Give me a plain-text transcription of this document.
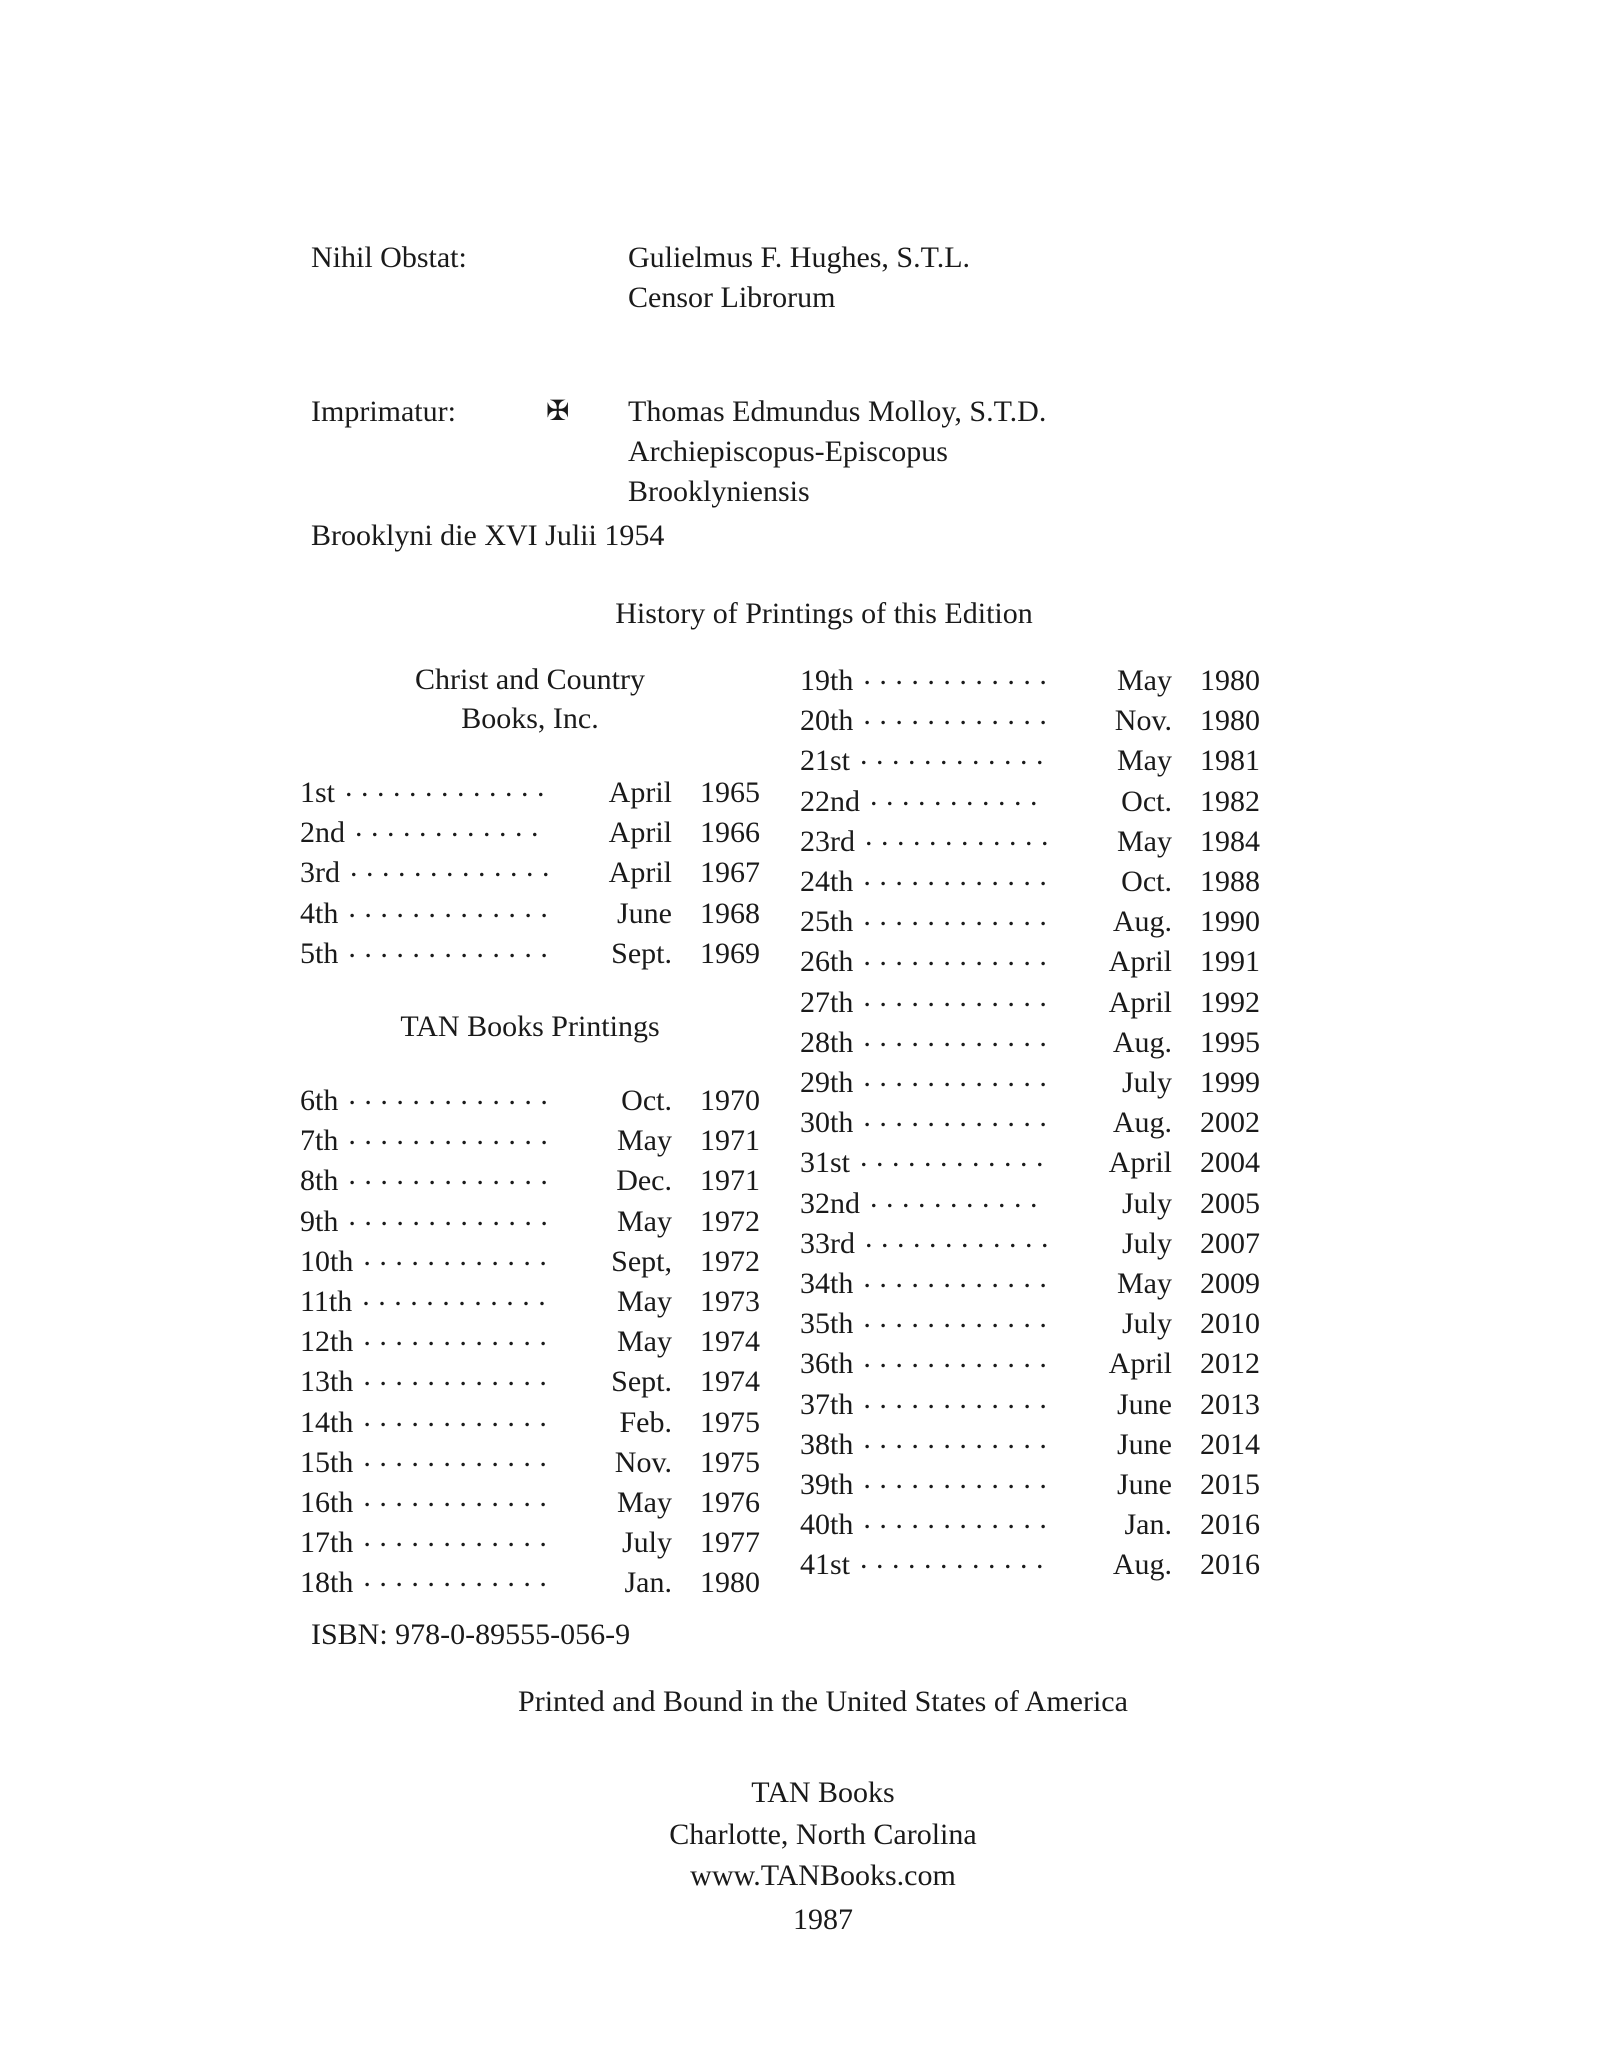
Nihil Obstat:	Gulielmus F. Hughes, S.T.L.
Censor Librorum
Imprimatur:	✠	Thomas Edmundus Molloy, S.T.D.
Archiepiscopus-Episcopus
Brooklyniensis
Brooklyni die XVI Julii 1954
History of Printings of this Edition
Christ and Country
Books, Inc.
1st . . .	April 1965
2nd . . .	April 1966
3rd . . .	April 1967
4th . . .	June 1968
5th . . .	Sept. 1969
TAN Books Printings
6th . . .	Oct. 1970
7th . . .	May 1971
8th . . .	Dec. 1971
9th . . .	May 1972
10th . . .	Sept, 1972
11th . . .	May 1973
12th . . .	May 1974
13th . . .	Sept. 1974
14th . . .	Feb. 1975
15th . . .	Nov. 1975
16th . . .	May 1976
17th . . .	July 1977
18th . . .	Jan. 1980
19th . . .	May 1980
20th . . .	Nov. 1980
21st . . .	May 1981
22nd . . .	Oct. 1982
23rd . . .	May 1984
24th . . .	Oct. 1988
25th . . .	Aug. 1990
26th . . .	April 1991
27th . . .	April 1992
28th . . .	Aug. 1995
29th . . .	July 1999
30th . . .	Aug. 2002
31st . . .	April 2004
32nd . . .	July 2005
33rd . . .	July 2007
34th . . .	May 2009
35th . . .	July 2010
36th . . .	April 2012
37th . . .	June 2013
38th . . .	June 2014
39th . . .	June 2015
40th . . .	Jan. 2016
41st . . .	Aug. 2016
ISBN: 978-0-89555-056-9
Printed and Bound in the United States of America
TAN Books
Charlotte, North Carolina
www.TANBooks.com
1987
